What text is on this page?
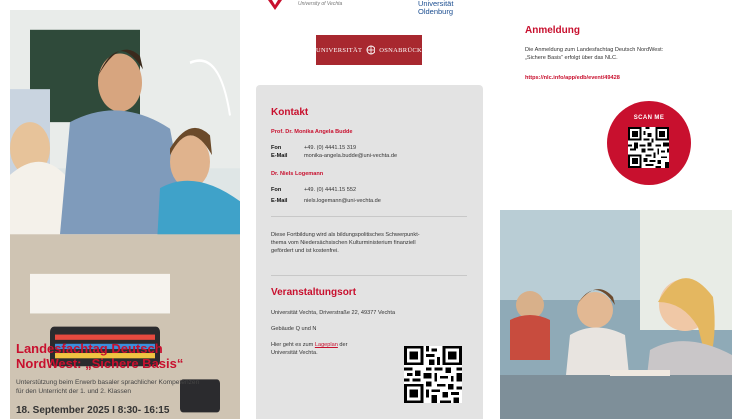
Landesfachtag Deutsch
NordWest: „Sichere Basis“
Unterstützung beim Erwerb basaler sprachlicher Kompetenzen
für den Unterricht der 1. und 2. Klassen
18. September 2025 I 8:30- 16:15
University of Vechta	Universität
Oldenburg
UNIVERSITÄT	OSNABRÜCK
Kontakt
Prof. Dr. Monika Angela Budde
Fon	+49. (0) 4441.15 319
E-Mail	monika-angela.budde@uni-vechta.de
Dr. Niels Logemann
Fon	+49. (0) 4441.15 552
E-Mail	niels.logemann@uni-vechta.de
Diese Fortbildung wird als bildungspolitisches Schwerpunkt-
thema vom Niedersächsischen Kulturministerium finanziell
gefördert und ist kostenfrei.
Veranstaltungsort
Universität Vechta, Driverstraße 22, 49377 Vechta
Gebäude Q und N
Hier geht es zum Lageplan der
Universität Vechta.
Anmeldung
Die Anmeldung zum Landesfachtag Deutsch NordWest:
„Sichere Basis“ erfolgt über das NLC.
https://nlc.info/app/edb/event/49428
SCAN ME
